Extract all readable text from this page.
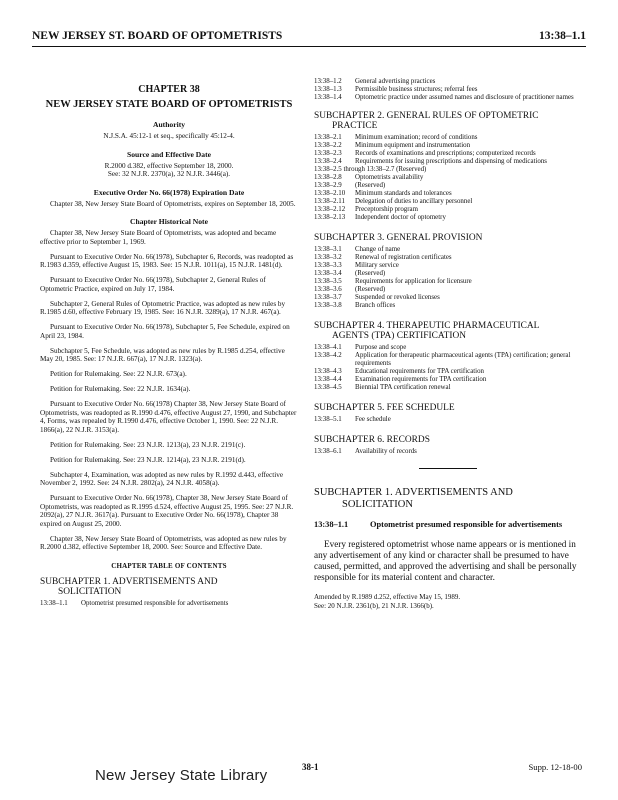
NEW JERSEY ST. BOARD OF OPTOMETRISTS	13:38–1.1
CHAPTER 38
NEW JERSEY STATE BOARD OF OPTOMETRISTS
Authority

N.J.S.A. 45:12-1 et seq., specifically 45:12-4.

Source and Effective Date

R.2000 d.382, effective September 18, 2000.

See: 32 N.J.R. 2370(a), 32 N.J.R. 3446(a).

Executive Order No. 66(1978) Expiration Date

Chapter 38, New Jersey State Board of Optometrists, expires on September 18, 2005.

Chapter Historical Note

Chapter 38, New Jersey State Board of Optometrists, was adopted and became effective prior to September 1, 1969.

Pursuant to Executive Order No. 66(1978), Subchapter 6, Records, was readopted as R.1983 d.359, effective August 15, 1983. See: 15 N.J.R. 1011(a), 15 N.J.R. 1481(d).

Pursuant to Executive Order No. 66(1978), Subchapter 2, General Rules of Optometric Practice, expired on July 17, 1984.

Subchapter 2, General Rules of Optometric Practice, was adopted as new rules by R.1985 d.60, effective February 19, 1985. See: 16 N.J.R. 3289(a), 17 N.J.R. 467(a).

Pursuant to Executive Order No. 66(1978), Subchapter 5, Fee Schedule, expired on April 23, 1984.

Subchapter 5, Fee Schedule, was adopted as new rules by R.1985 d.254, effective May 20, 1985. See: 17 N.J.R. 667(a), 17 N.J.R. 1323(a).

Petition for Rulemaking. See: 22 N.J.R. 673(a).

Petition for Rulemaking. See: 22 N.J.R. 1634(a).

Pursuant to Executive Order No. 66(1978) Chapter 38, New Jersey State Board of Optometrists, was readopted as R.1990 d.476, effective August 27, 1990, and Subchapter 4, Forms, was repealed by R.1990 d.476, effective October 1, 1990. See: 22 N.J.R. 1866(a), 22 N.J.R. 3153(a).

Petition for Rulemaking. See: 23 N.J.R. 1213(a), 23 N.J.R. 2191(c).

Petition for Rulemaking. See: 23 N.J.R. 1214(a), 23 N.J.R. 2191(d).

Subchapter 4, Examination, was adopted as new rules by R.1992 d.443, effective November 2, 1992. See: 24 N.J.R. 2802(a), 24 N.J.R. 4058(a).

Pursuant to Executive Order No. 66(1978), Chapter 38, New Jersey State Board of Optometrists, was readopted as R.1995 d.524, effective August 25, 1995. See: 27 N.J.R. 2092(a), 27 N.J.R. 3617(a). Pursuant to Executive Order No. 66(1978), Chapter 38 expired on August 25, 2000.

Chapter 38, New Jersey State Board of Optometrists, was adopted as new rules by R.2000 d.382, effective September 18, 2000. See: Source and Effective Date.

CHAPTER TABLE OF CONTENTS
SUBCHAPTER 1. ADVERTISEMENTS AND
SOLICITATION
13:38–1.1 Optometrist presumed responsible for advertisements
13:38–1.2 General advertising practices
13:38–1.3 Permissible business structures; referral fees
13:38–1.4 Optometric practice under assumed names and disclosure of practitioner names
SUBCHAPTER 2. GENERAL RULES OF OPTOMETRIC
PRACTICE
13:38–2.1 Minimum examination; record of conditions
13:38–2.2 Minimum equipment and instrumentation
13:38–2.3 Records of examinations and prescriptions; computerized records
13:38–2.4 Requirements for issuing prescriptions and dispensing of medications
13:38–2.5 through 13:38–2.7 (Reserved)
13:38–2.8 Optometrists availability
13:38–2.9 (Reserved)
13:38–2.10 Minimum standards and tolerances
13:38–2.11 Delegation of duties to ancillary personnel
13:38–2.12 Preceptorship program
13:38–2.13 Independent doctor of optometry
SUBCHAPTER 3. GENERAL PROVISION
13:38–3.1 Change of name
13:38–3.2 Renewal of registration certificates
13:38–3.3 Military service
13:38–3.4 (Reserved)
13:38–3.5 Requirements for application for licensure
13:38–3.6 (Reserved)
13:38–3.7 Suspended or revoked licenses
13:38–3.8 Branch offices
SUBCHAPTER 4. THERAPEUTIC PHARMACEUTICAL
AGENTS (TPA) CERTIFICATION
13:38–4.1 Purpose and scope
13:38–4.2 Application for therapeutic pharmaceutical agents (TPA) certification; general requirements
13:38–4.3 Educational requirements for TPA certification
13:38–4.4 Examination requirements for TPA certification
13:38–4.5 Biennial TPA certification renewal
SUBCHAPTER 5. FEE SCHEDULE
13:38–5.1 Fee schedule
SUBCHAPTER 6. RECORDS
13:38–6.1 Availability of records
SUBCHAPTER 1. ADVERTISEMENTS AND
SOLICITATION
13:38–1.1	Optometrist presumed responsible for advertisements

Every registered optometrist whose name appears or is mentioned in any advertisement of any kind or character shall be presumed to have caused, permitted, and approved the advertising and shall be personally responsible for its material content and character.

Amended by R.1989 d.252, effective May 15, 1989.

See: 20 N.J.R. 2361(b), 21 N.J.R. 1366(b).

New Jersey State Library	38-1	Supp. 12-18-00
